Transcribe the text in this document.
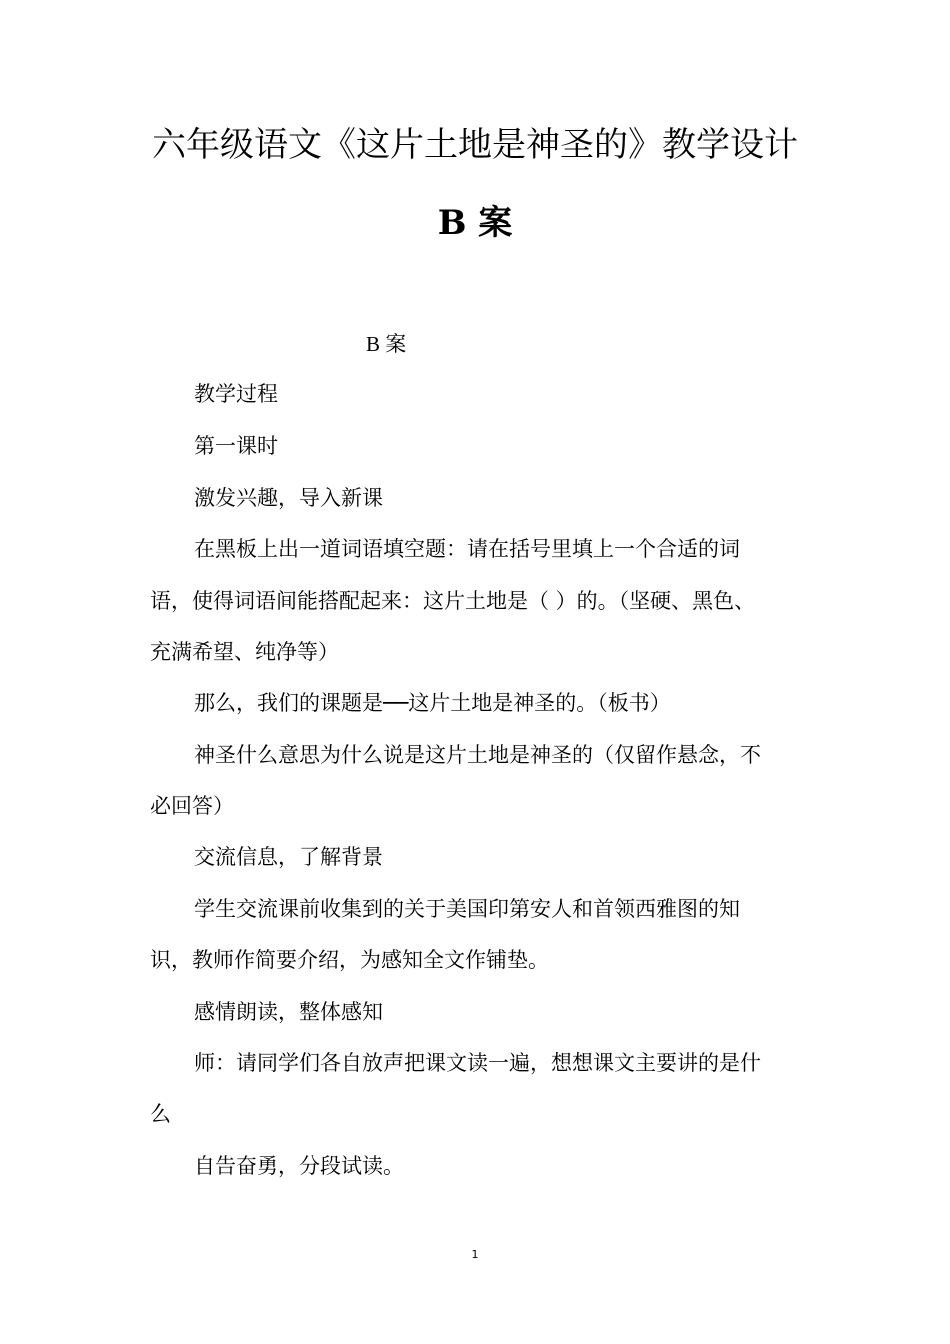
六年级语文《这片土地是神圣的》教学设计
B 案
B 案
教学过程
第一课时
激发兴趣，导入新课
在黑板上出一道词语填空题：请在括号里填上一个合适的词
语，使得词语间能搭配起来：这片土地是（ ）的。（坚硬、黑色、
充满希望、纯净等）
那么，我们的课题是──这片土地是神圣的。（板书）
神圣什么意思为什么说是这片土地是神圣的（仅留作悬念，不
必回答）
交流信息，了解背景
学生交流课前收集到的关于美国印第安人和首领西雅图的知
识，教师作简要介绍，为感知全文作铺垫。
感情朗读，整体感知
师：请同学们各自放声把课文读一遍，想想课文主要讲的是什
么
自告奋勇，分段试读。
1
